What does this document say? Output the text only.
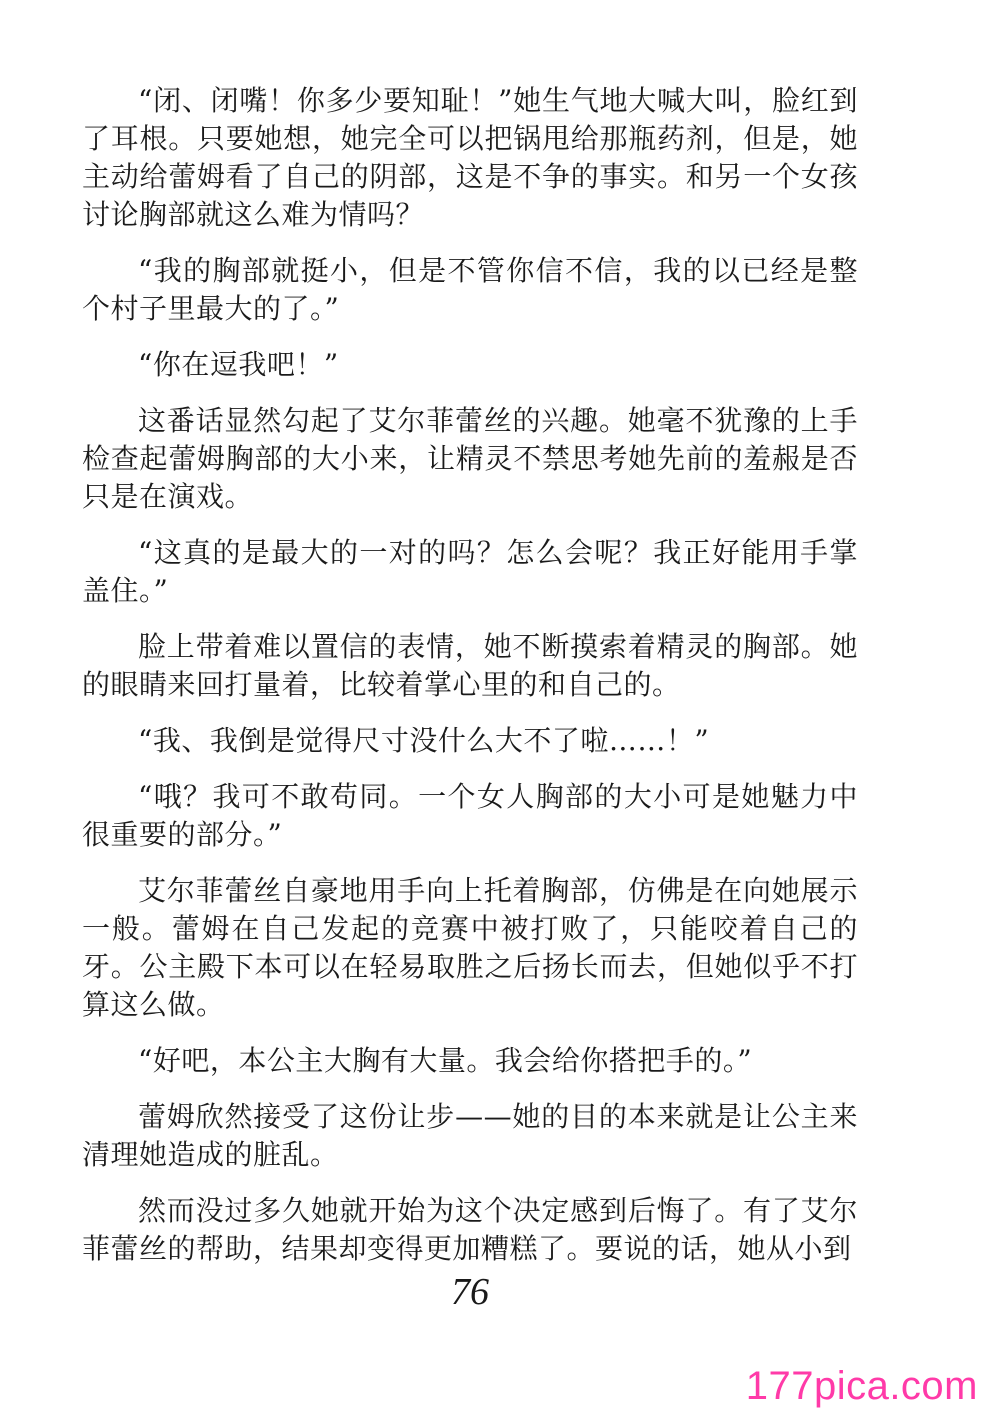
“闭、闭嘴！你多少要知耻！”她生气地大喊大叫，脸红到了耳根。只要她想，她完全可以把锅甩给那瓶药剂，但是，她主动给蕾姆看了自己的阴部，这是不争的事实。和另一个女孩讨论胸部就这么难为情吗？

“我的胸部就挺小，但是不管你信不信，我的以已经是整个村子里最大的了。”

“你在逗我吧！”

这番话显然勾起了艾尔菲蕾丝的兴趣。她毫不犹豫的上手检查起蕾姆胸部的大小来，让精灵不禁思考她先前的羞赧是否只是在演戏。

“这真的是最大的一对的吗？怎么会呢？我正好能用手掌盖住。”

脸上带着难以置信的表情，她不断摸索着精灵的胸部。她的眼睛来回打量着，比较着掌心里的和自己的。

“我、我倒是觉得尺寸没什么大不了啦……！”

“哦？我可不敢苟同。一个女人胸部的大小可是她魅力中很重要的部分。”

艾尔菲蕾丝自豪地用手向上托着胸部，仿佛是在向她展示一般。蕾姆在自己发起的竞赛中被打败了，只能咬着自己的牙。公主殿下本可以在轻易取胜之后扬长而去，但她似乎不打算这么做。

“好吧，本公主大胸有大量。我会给你搭把手的。”

蕾姆欣然接受了这份让步——她的目的本来就是让公主来清理她造成的脏乱。

然而没过多久她就开始为这个决定感到后悔了。有了艾尔菲蕾丝的帮助，结果却变得更加糟糕了。要说的话，她从小到

76
177pica.com
